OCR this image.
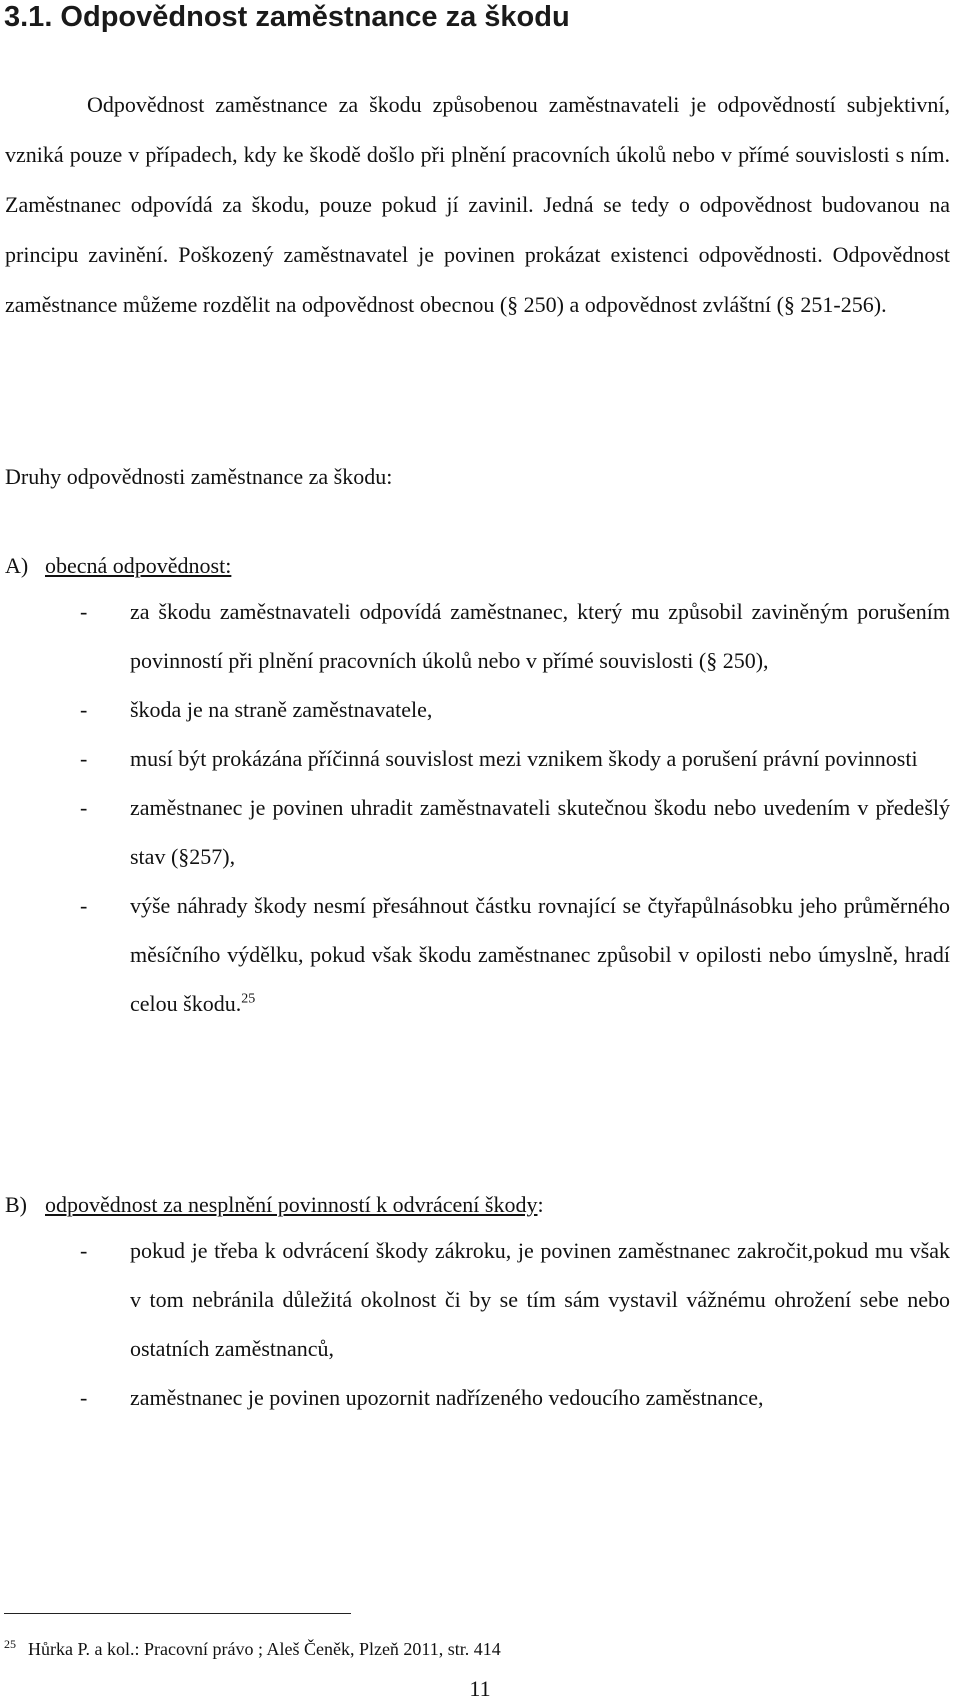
3.1. Odpovědnost zaměstnance za škodu

Odpovědnost zaměstnance za škodu způsobenou zaměstnavateli je odpovědností subjektivní, vzniká pouze v případech, kdy ke škodě došlo při plnění pracovních úkolů nebo v přímé souvislosti s ním. Zaměstnanec odpovídá za škodu, pouze pokud jí zavinil. Jedná se tedy o odpovědnost budovanou na principu zavinění. Poškozený zaměstnavatel je povinen prokázat existenci odpovědnosti. Odpovědnost zaměstnance můžeme rozdělit na odpovědnost obecnou (§ 250) a odpovědnost zvláštní (§ 251-256).

Druhy odpovědnosti zaměstnance za škodu:

A) obecná odpovědnost:

- za škodu zaměstnavateli odpovídá zaměstnanec, který mu způsobil zaviněným porušením povinností při plnění pracovních úkolů nebo v přímé souvislosti (§ 250),
- škoda je na straně zaměstnavatele,
- musí být prokázána příčinná souvislost mezi vznikem škody a porušení právní povinnosti
- zaměstnanec je povinen uhradit zaměstnavateli skutečnou škodu nebo uvedením v předešlý stav (§257),
- výše náhrady škody nesmí přesáhnout částku rovnající se čtyřapůlnásobku jeho průměrného měsíčního výdělku, pokud však škodu zaměstnanec způsobil v opilosti nebo úmyslně, hradí celou škodu.$^{25}$

B) odpovědnost za nesplnění povinností k odvrácení škody:

- pokud je třeba k odvrácení škody zákroku, je povinen zaměstnanec zakročit,pokud mu však v tom nebránila důležitá okolnost či by se tím sám vystavil vážnému ohrožení sebe nebo ostatních zaměstnanců,
- zaměstnanec je povinen upozornit nadřízeného vedoucího zaměstnance,

$^{25}$ Hůrka P. a kol.: Pracovní právo ; Aleš Čeněk, Plzeň 2011, str. 414

11
